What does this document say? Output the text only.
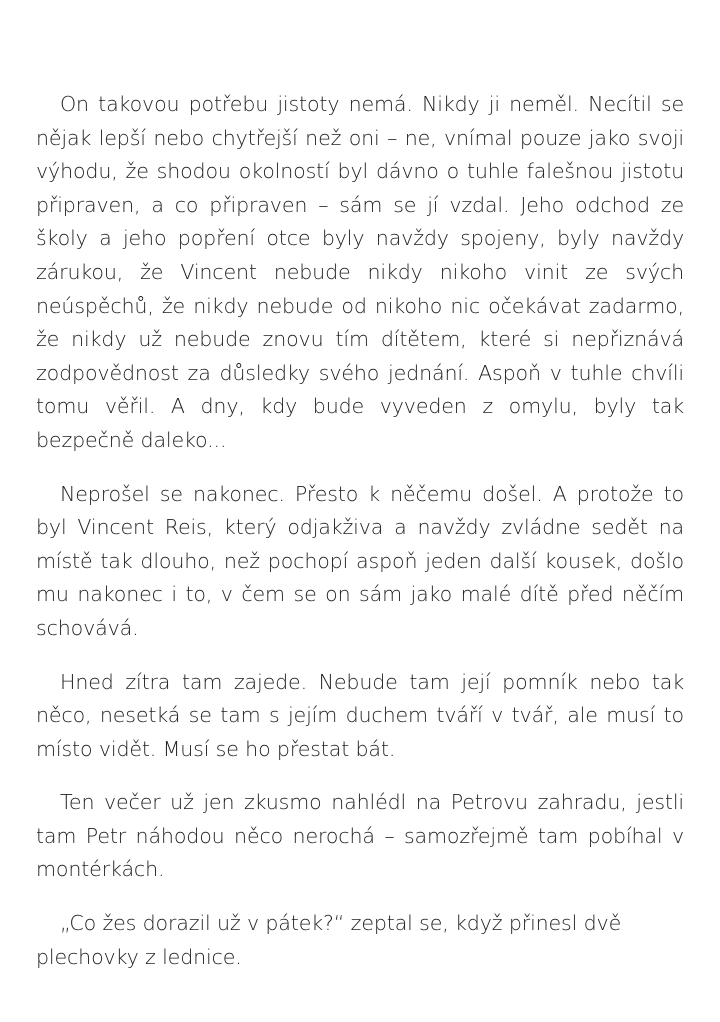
On takovou potřebu jistoty nemá. Nikdy ji neměl. Necítil se nějak lepší nebo chytřejší než oni – ne, vnímal pouze jako svoji výhodu, že shodou okolností byl dávno o tuhle falešnou jistotu připraven, a co připraven – sám se jí vzdal. Jeho odchod ze školy a jeho popření otce byly navždy spojeny, byly navždy zárukou, že Vincent nebude nikdy nikoho vinit ze svých neúspěchů, že nikdy nebude od nikoho nic očekávat zadarmo, že nikdy už nebude znovu tím dítětem, které si nepřiznává zodpovědnost za důsledky svého jednání. Aspoň v tuhle chvíli tomu věřil. A dny, kdy bude vyveden z omylu, byly tak bezpečně daleko...

Neprošel se nakonec. Přesto k něčemu došel. A protože to byl Vincent Reis, který odjakživa a navždy zvládne sedět na místě tak dlouho, než pochopí aspoň jeden další kousek, došlo mu nakonec i to, v čem se on sám jako malé dítě před něčím schovává.

Hned zítra tam zajede. Nebude tam její pomník nebo tak něco, nesetká se tam s jejím duchem tváří v tvář, ale musí to místo vidět. Musí se ho přestat bát.

Ten večer už jen zkusmo nahlédl na Petrovu zahradu, jestli tam Petr náhodou něco nerochá – samozřejmě tam pobíhal v montérkách.

„Co žes dorazil už v pátek?“ zeptal se, když přinesl dvě plechovky z lednice.
